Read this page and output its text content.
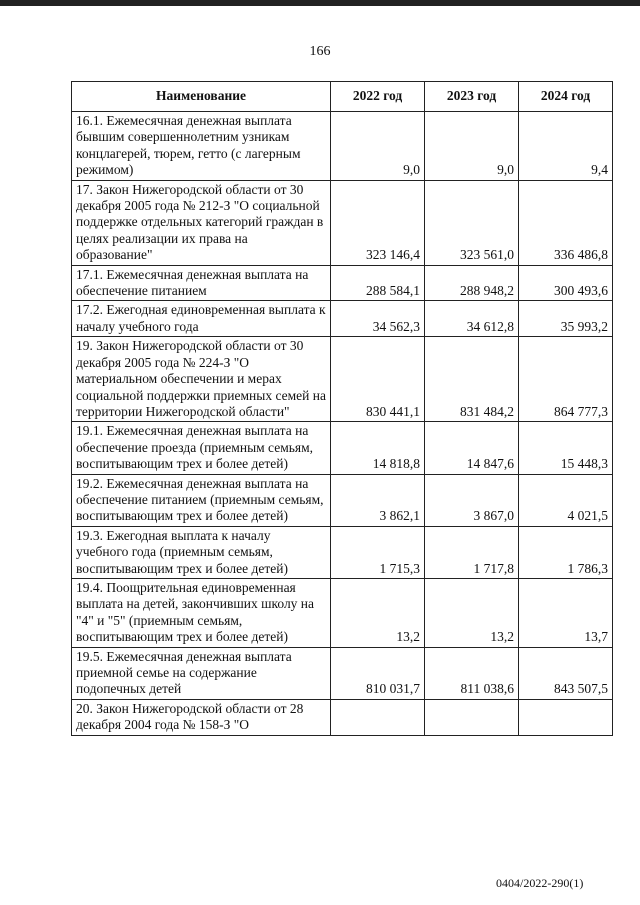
166
Наименование	2022 год	2023 год	2024 год
16.1. Ежемесячная денежная выплата бывшим совершеннолетним узникам концлагерей, тюрем, гетто (с лагерным режимом)	9,0	9,0	9,4
17. Закон Нижегородской области от 30 декабря 2005 года № 212-З "О социальной поддержке отдельных категорий граждан в целях реализации их права на образование"	323 146,4	323 561,0	336 486,8
17.1. Ежемесячная денежная выплата на обеспечение питанием	288 584,1	288 948,2	300 493,6
17.2. Ежегодная единовременная выплата к началу учебного года	34 562,3	34 612,8	35 993,2
19. Закон Нижегородской области от 30 декабря 2005 года № 224-З "О материальном обеспечении и мерах социальной поддержки приемных семей на территории Нижегородской области"	830 441,1	831 484,2	864 777,3
19.1. Ежемесячная денежная выплата на обеспечение проезда (приемным семьям, воспитывающим трех и более детей)	14 818,8	14 847,6	15 448,3
19.2. Ежемесячная денежная выплата на обеспечение питанием (приемным семьям, воспитывающим трех и более детей)	3 862,1	3 867,0	4 021,5
19.3. Ежегодная выплата к началу учебного года (приемным семьям, воспитывающим трех и более детей)	1 715,3	1 717,8	1 786,3
19.4. Поощрительная единовременная выплата на детей, закончивших школу на "4" и "5" (приемным семьям, воспитывающим трех и более детей)	13,2	13,2	13,7
19.5. Ежемесячная денежная выплата приемной семье на содержание подопечных детей	810 031,7	811 038,6	843 507,5
20. Закон Нижегородской области от 28 декабря 2004 года № 158-З "О			
0404/2022-290(1)
